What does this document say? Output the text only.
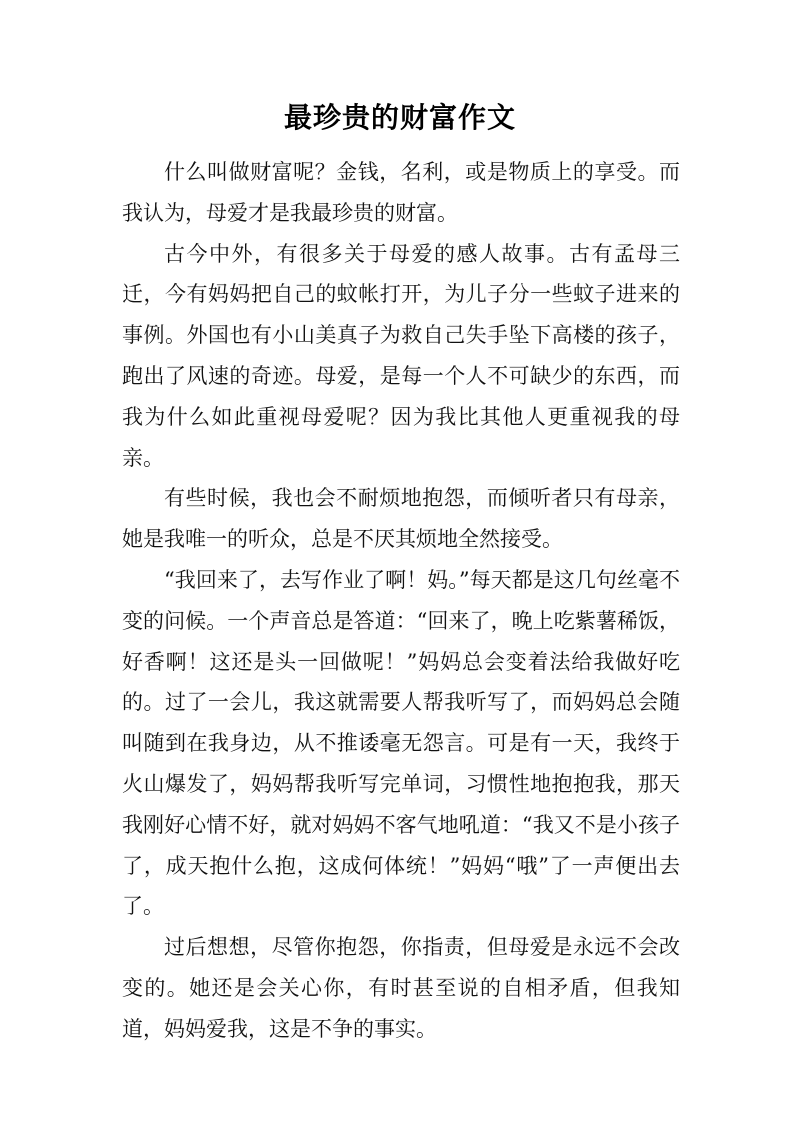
最珍贵的财富作文

什么叫做财富呢？金钱，名利，或是物质上的享受。而我认为，母爱才是我最珍贵的财富。

古今中外，有很多关于母爱的感人故事。古有孟母三迁，今有妈妈把自己的蚊帐打开，为儿子分一些蚊子进来的事例。外国也有小山美真子为救自己失手坠下高楼的孩子，跑出了风速的奇迹。母爱，是每一个人不可缺少的东西，而我为什么如此重视母爱呢？因为我比其他人更重视我的母亲。

有些时候，我也会不耐烦地抱怨，而倾听者只有母亲，她是我唯一的听众，总是不厌其烦地全然接受。

“我回来了，去写作业了啊！妈。”每天都是这几句丝毫不变的问候。一个声音总是答道：“回来了，晚上吃紫薯稀饭，好香啊！这还是头一回做呢！”妈妈总会变着法给我做好吃的。过了一会儿，我这就需要人帮我听写了，而妈妈总会随叫随到在我身边，从不推诿毫无怨言。可是有一天，我终于火山爆发了，妈妈帮我听写完单词，习惯性地抱抱我，那天我刚好心情不好，就对妈妈不客气地吼道：“我又不是小孩子了，成天抱什么抱，这成何体统！”妈妈“哦”了一声便出去了。

过后想想，尽管你抱怨，你指责，但母爱是永远不会改变的。她还是会关心你，有时甚至说的自相矛盾，但我知道，妈妈爱我，这是不争的事实。
